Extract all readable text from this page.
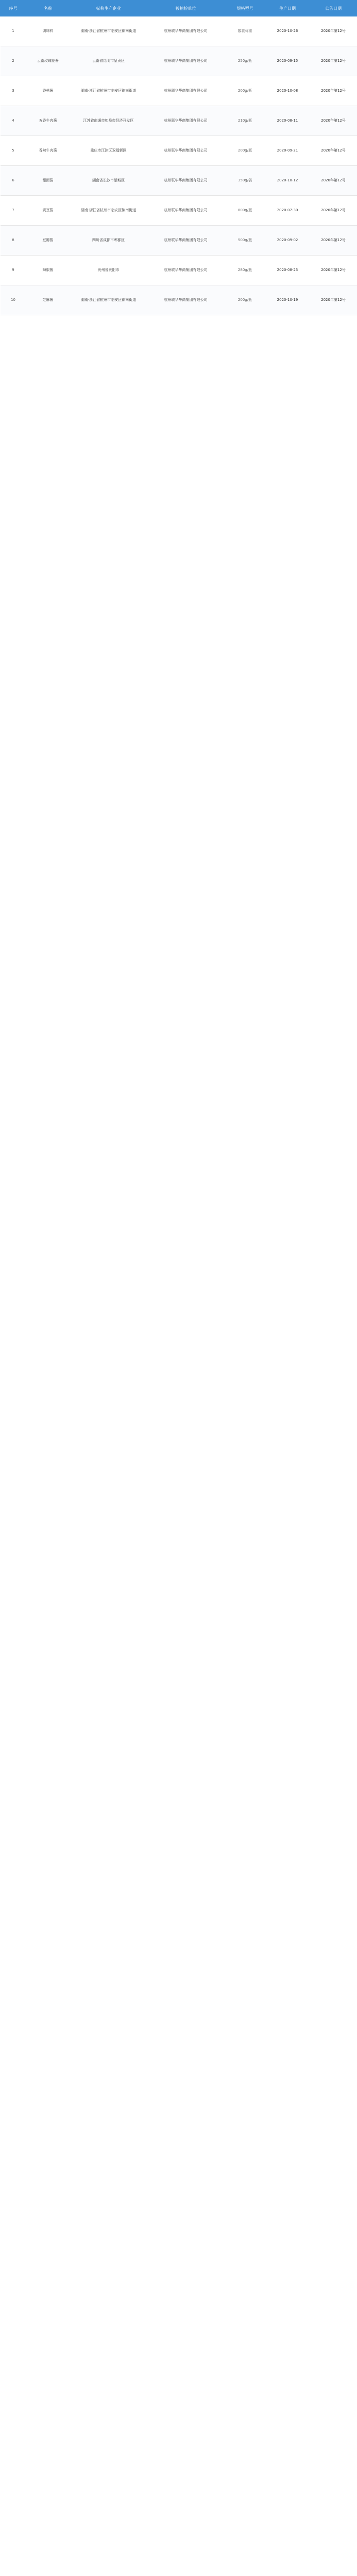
序号	名称	标称生产企业	被抽检单位	规格型号	生产日期	公告日期
1	调味料	湖南·浙江省杭州市临安区锦南街道	杭州联华华商集团有限公司	散装称重	2020-10-26	2020年第12号
2	云南玫瑰花酱	云南省昆明市呈贡区	杭州联华华商集团有限公司	250g/瓶	2020-09-15	2020年第12号
3	香菇酱	湖南·浙江省杭州市临安区锦南街道	杭州联华华商集团有限公司	200g/瓶	2020-10-08	2020年第12号
4	五香牛肉酱	江苏省南通市如皋市经济开发区	杭州联华华商集团有限公司	210g/瓶	2020-08-11	2020年第12号
5	香辣牛肉酱	重庆市江津区双福新区	杭州联华华商集团有限公司	200g/瓶	2020-09-21	2020年第12号
6	甜面酱	湖南省长沙市望城区	杭州联华华商集团有限公司	350g/袋	2020-10-12	2020年第12号
7	黄豆酱	湖南·浙江省杭州市临安区锦南街道	杭州联华华商集团有限公司	800g/瓶	2020-07-30	2020年第12号
8	豆瓣酱	四川省成都市郫都区	杭州联华华商集团有限公司	500g/瓶	2020-09-02	2020年第12号
9	辣椒酱	贵州省贵阳市	杭州联华华商集团有限公司	280g/瓶	2020-08-25	2020年第12号
10	芝麻酱	湖南·浙江省杭州市临安区锦南街道	杭州联华华商集团有限公司	200g/瓶	2020-10-19	2020年第12号
